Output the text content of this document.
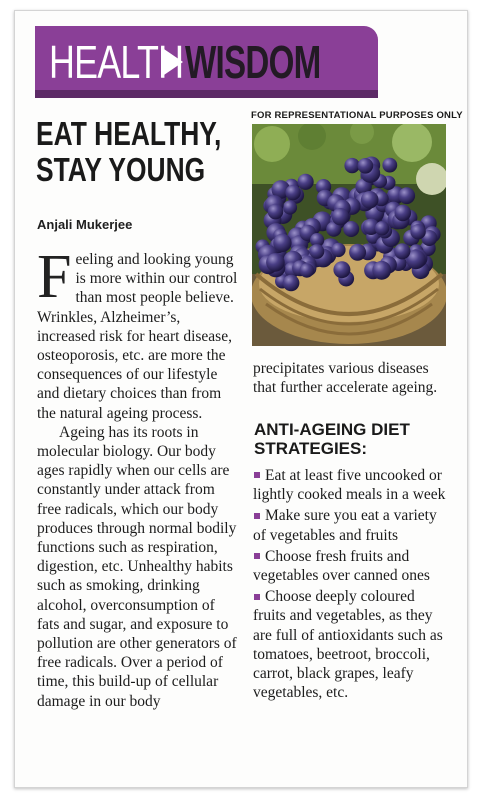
HEALTH WISDOM
EAT HEALTHY,
STAY YOUNG
Anjali Mukerjee

Feeling and looking young is more within our control than most people believe. Wrinkles, Alzheimer’s, increased risk for heart disease, osteoporosis, etc. are more the consequences of our lifestyle and dietary choices than from the natural ageing process.

Ageing has its roots in molecular biology. Our body ages rapidly when our cells are constantly under attack from free radicals, which our body produces through normal bodily functions such as respiration, digestion, etc. Unhealthy habits such as smoking, drinking alcohol, overconsumption of fats and sugar, and exposure to pollution are other generators of free radicals. Over a period of time, this build-up of cellular damage in our body

FOR REPRESENTATIONAL PURPOSES ONLY

precipitates various diseases that further accelerate ageing.

ANTI-AGEING DIET
STRATEGIES:

Eat at least five uncooked or lightly cooked meals in a week

Make sure you eat a variety of vegetables and fruits

Choose fresh fruits and vegetables over canned ones

Choose deeply coloured fruits and vegetables, as they are full of antioxidants such as tomatoes, beetroot, broccoli, carrot, black grapes, leafy vegetables, etc.
